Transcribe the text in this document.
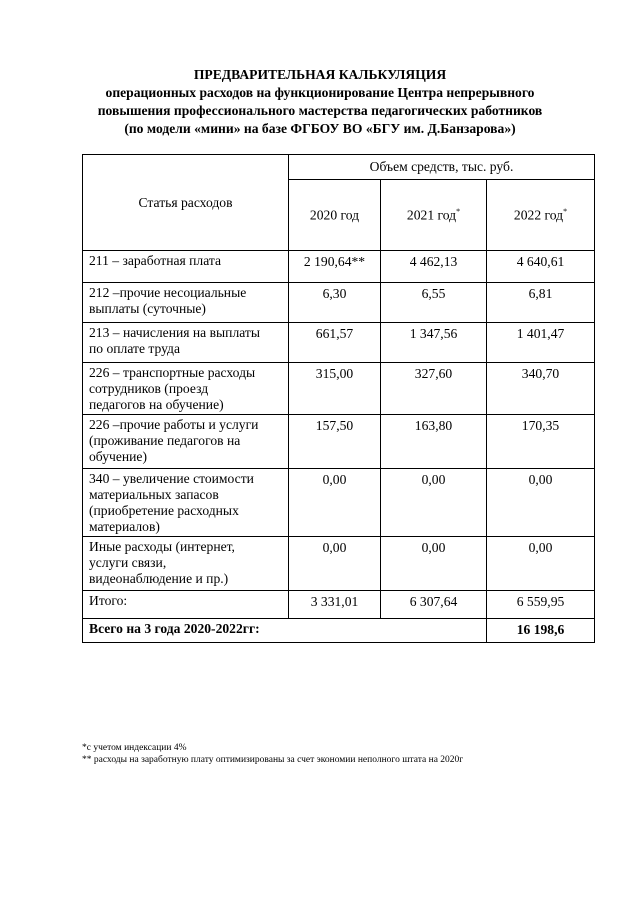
ПРЕДВАРИТЕЛЬНАЯ КАЛЬКУЛЯЦИЯ
операционных расходов на функционирование Центра непрерывного
повышения профессионального мастерства педагогических работников
(по модели «мини» на базе ФГБОУ ВО «БГУ им. Д.Банзарова»)
Статья расходов	Объем средств, тыс. руб.		
	2020 год	2021 год*	2022 год*

211 – заработная плата	2 190,64**	4 462,13	4 640,61

212 –прочие несоциальные
выплаты (суточные)	6,30	6,55	6,81

213 – начисления на выплаты
по оплате труда	661,57	1 347,56	1 401,47

226 – транспортные расходы
сотрудников (проезд
педагогов на обучение)	315,00	327,60	340,70

226 –прочие работы и услуги
(проживание педагогов на
обучение)	157,50	163,80	170,35

340 – увеличение стоимости
материальных запасов
(приобретение расходных
материалов)	0,00	0,00	0,00

Иные расходы (интернет,
услуги связи,
видеонаблюдение и пр.)	0,00	0,00	0,00
Итого:	3 331,01	6 307,64	6 559,95
Всего на 3 года 2020-2022гг:			16 198,6
*с учетом индексации 4%
** расходы на заработную плату оптимизированы за счет экономии неполного штата на 2020г
